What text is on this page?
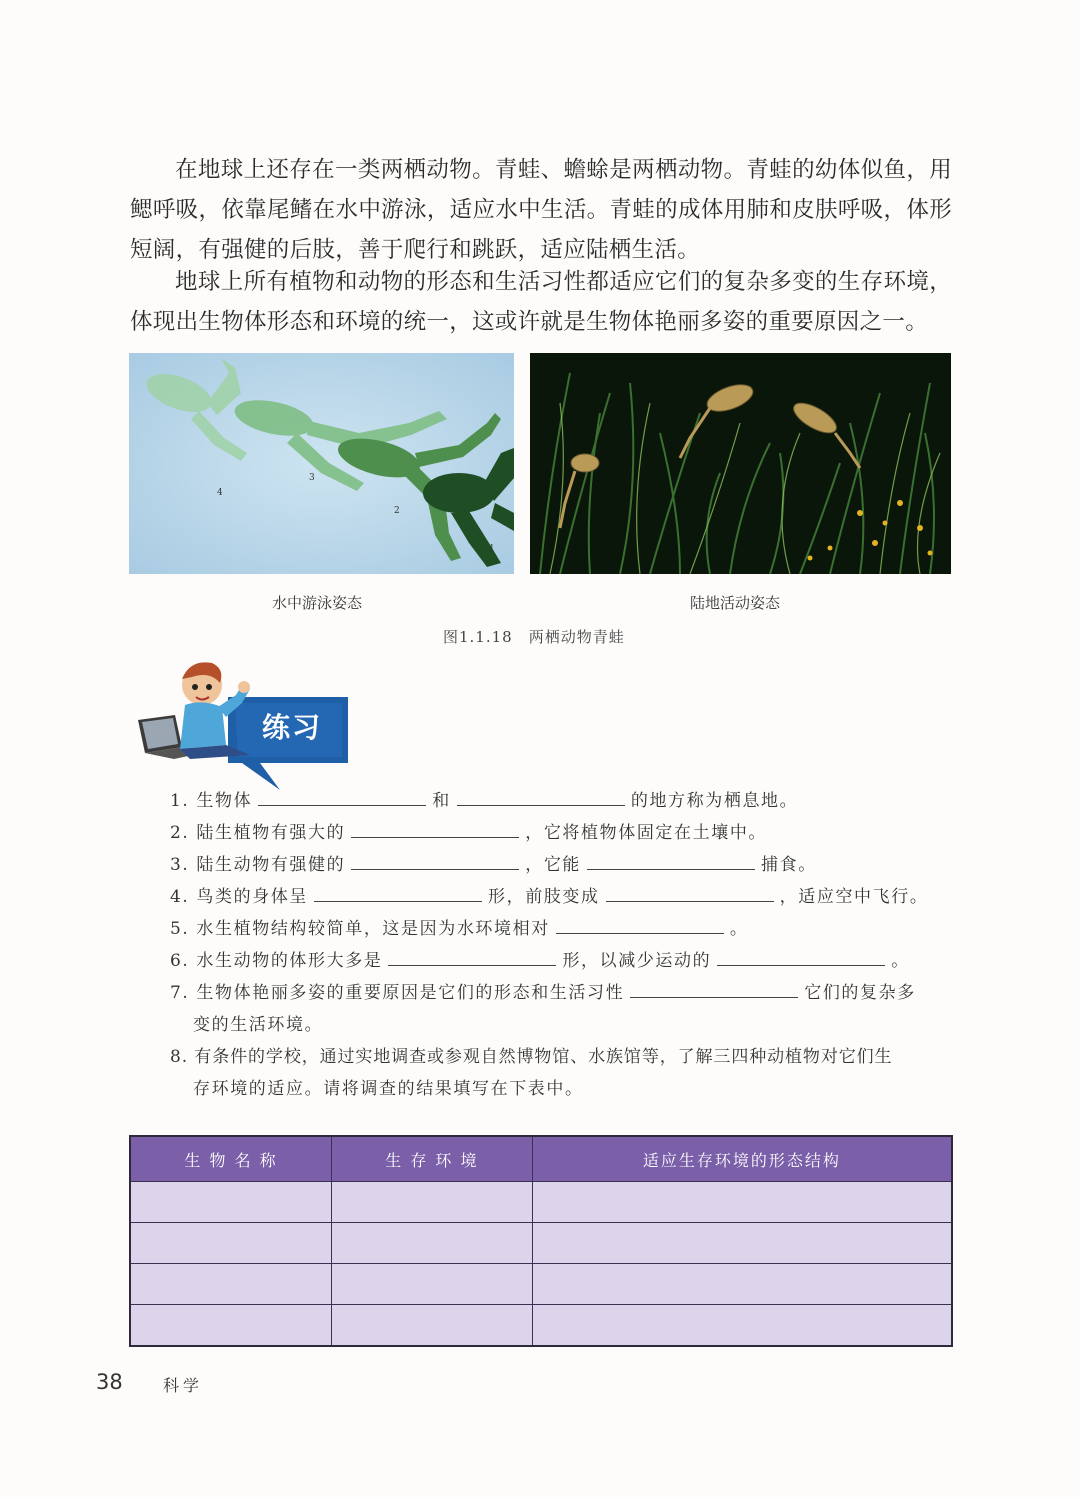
在地球上还存在一类两栖动物。青蛙、蟾蜍是两栖动物。青蛙的幼体似鱼，用鳃呼吸，依靠尾鳍在水中游泳，适应水中生活。青蛙的成体用肺和皮肤呼吸，体形短阔，有强健的后肢，善于爬行和跳跃，适应陆栖生活。

地球上所有植物和动物的形态和生活习性都适应它们的复杂多变的生存环境，体现出生物体形态和环境的统一，这或许就是生物体艳丽多姿的重要原因之一。

4
3
2
1
水中游泳姿态	陆地活动姿态
图1.1.18　两栖动物青蛙
练习
1. 生物体	和	的地方称为栖息地。
2. 陆生植物有强大的	，它将植物体固定在土壤中。
3. 陆生动物有强健的	，它能	捕食。
4. 鸟类的身体呈	形，前肢变成	，适应空中飞行。
5. 水生植物结构较简单，这是因为水环境相对	。
6. 水生动物的体形大多是	形，以减少运动的	。
7. 生物体艳丽多姿的重要原因是它们的形态和生活习性	它们的复杂多
变的生活环境。
8. 有条件的学校，通过实地调查或参观自然博物馆、水族馆等，了解三四种动植物对它们生
存环境的适应。请将调查的结果填写在下表中。
生 物 名 称	生 存 环 境	适应生存环境的形态结构

38	科学
